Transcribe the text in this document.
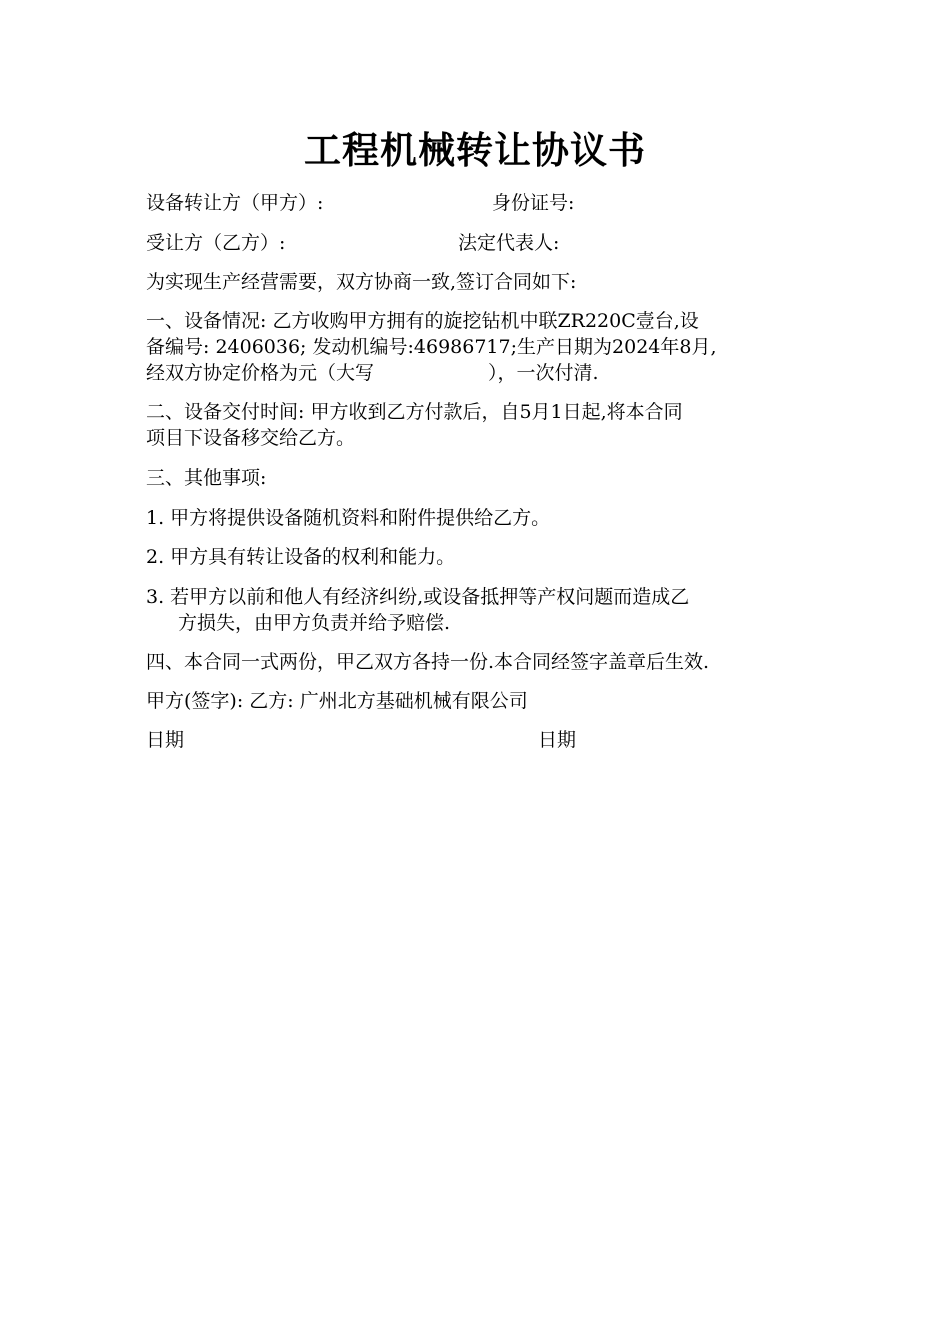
工程机械转让协议书
设备转让方（甲方）:	身份证号:
受让方（乙方）:	法定代表人:
为实现生产经营需要，双方协商一致,签订合同如下:
一、设备情况: 乙方收购甲方拥有的旋挖钻机中联ZR220C壹台,设
备编号: 2406036; 发动机编号:46986717;生产日期为2024年8月,
经双方协定价格为元（大写　　　　　　），一次付清.
二、设备交付时间: 甲方收到乙方付款后，自5月1日起,将本合同
项目下设备移交给乙方。
三、其他事项:
1. 甲方将提供设备随机资料和附件提供给乙方。
2. 甲方具有转让设备的权利和能力。
3. 若甲方以前和他人有经济纠纷,或设备抵押等产权问题而造成乙
方损失，由甲方负责并给予赔偿.
四、本合同一式两份，甲乙双方各持一份.本合同经签字盖章后生效.
甲方(签字): 乙方: 广州北方基础机械有限公司
日期	日期
